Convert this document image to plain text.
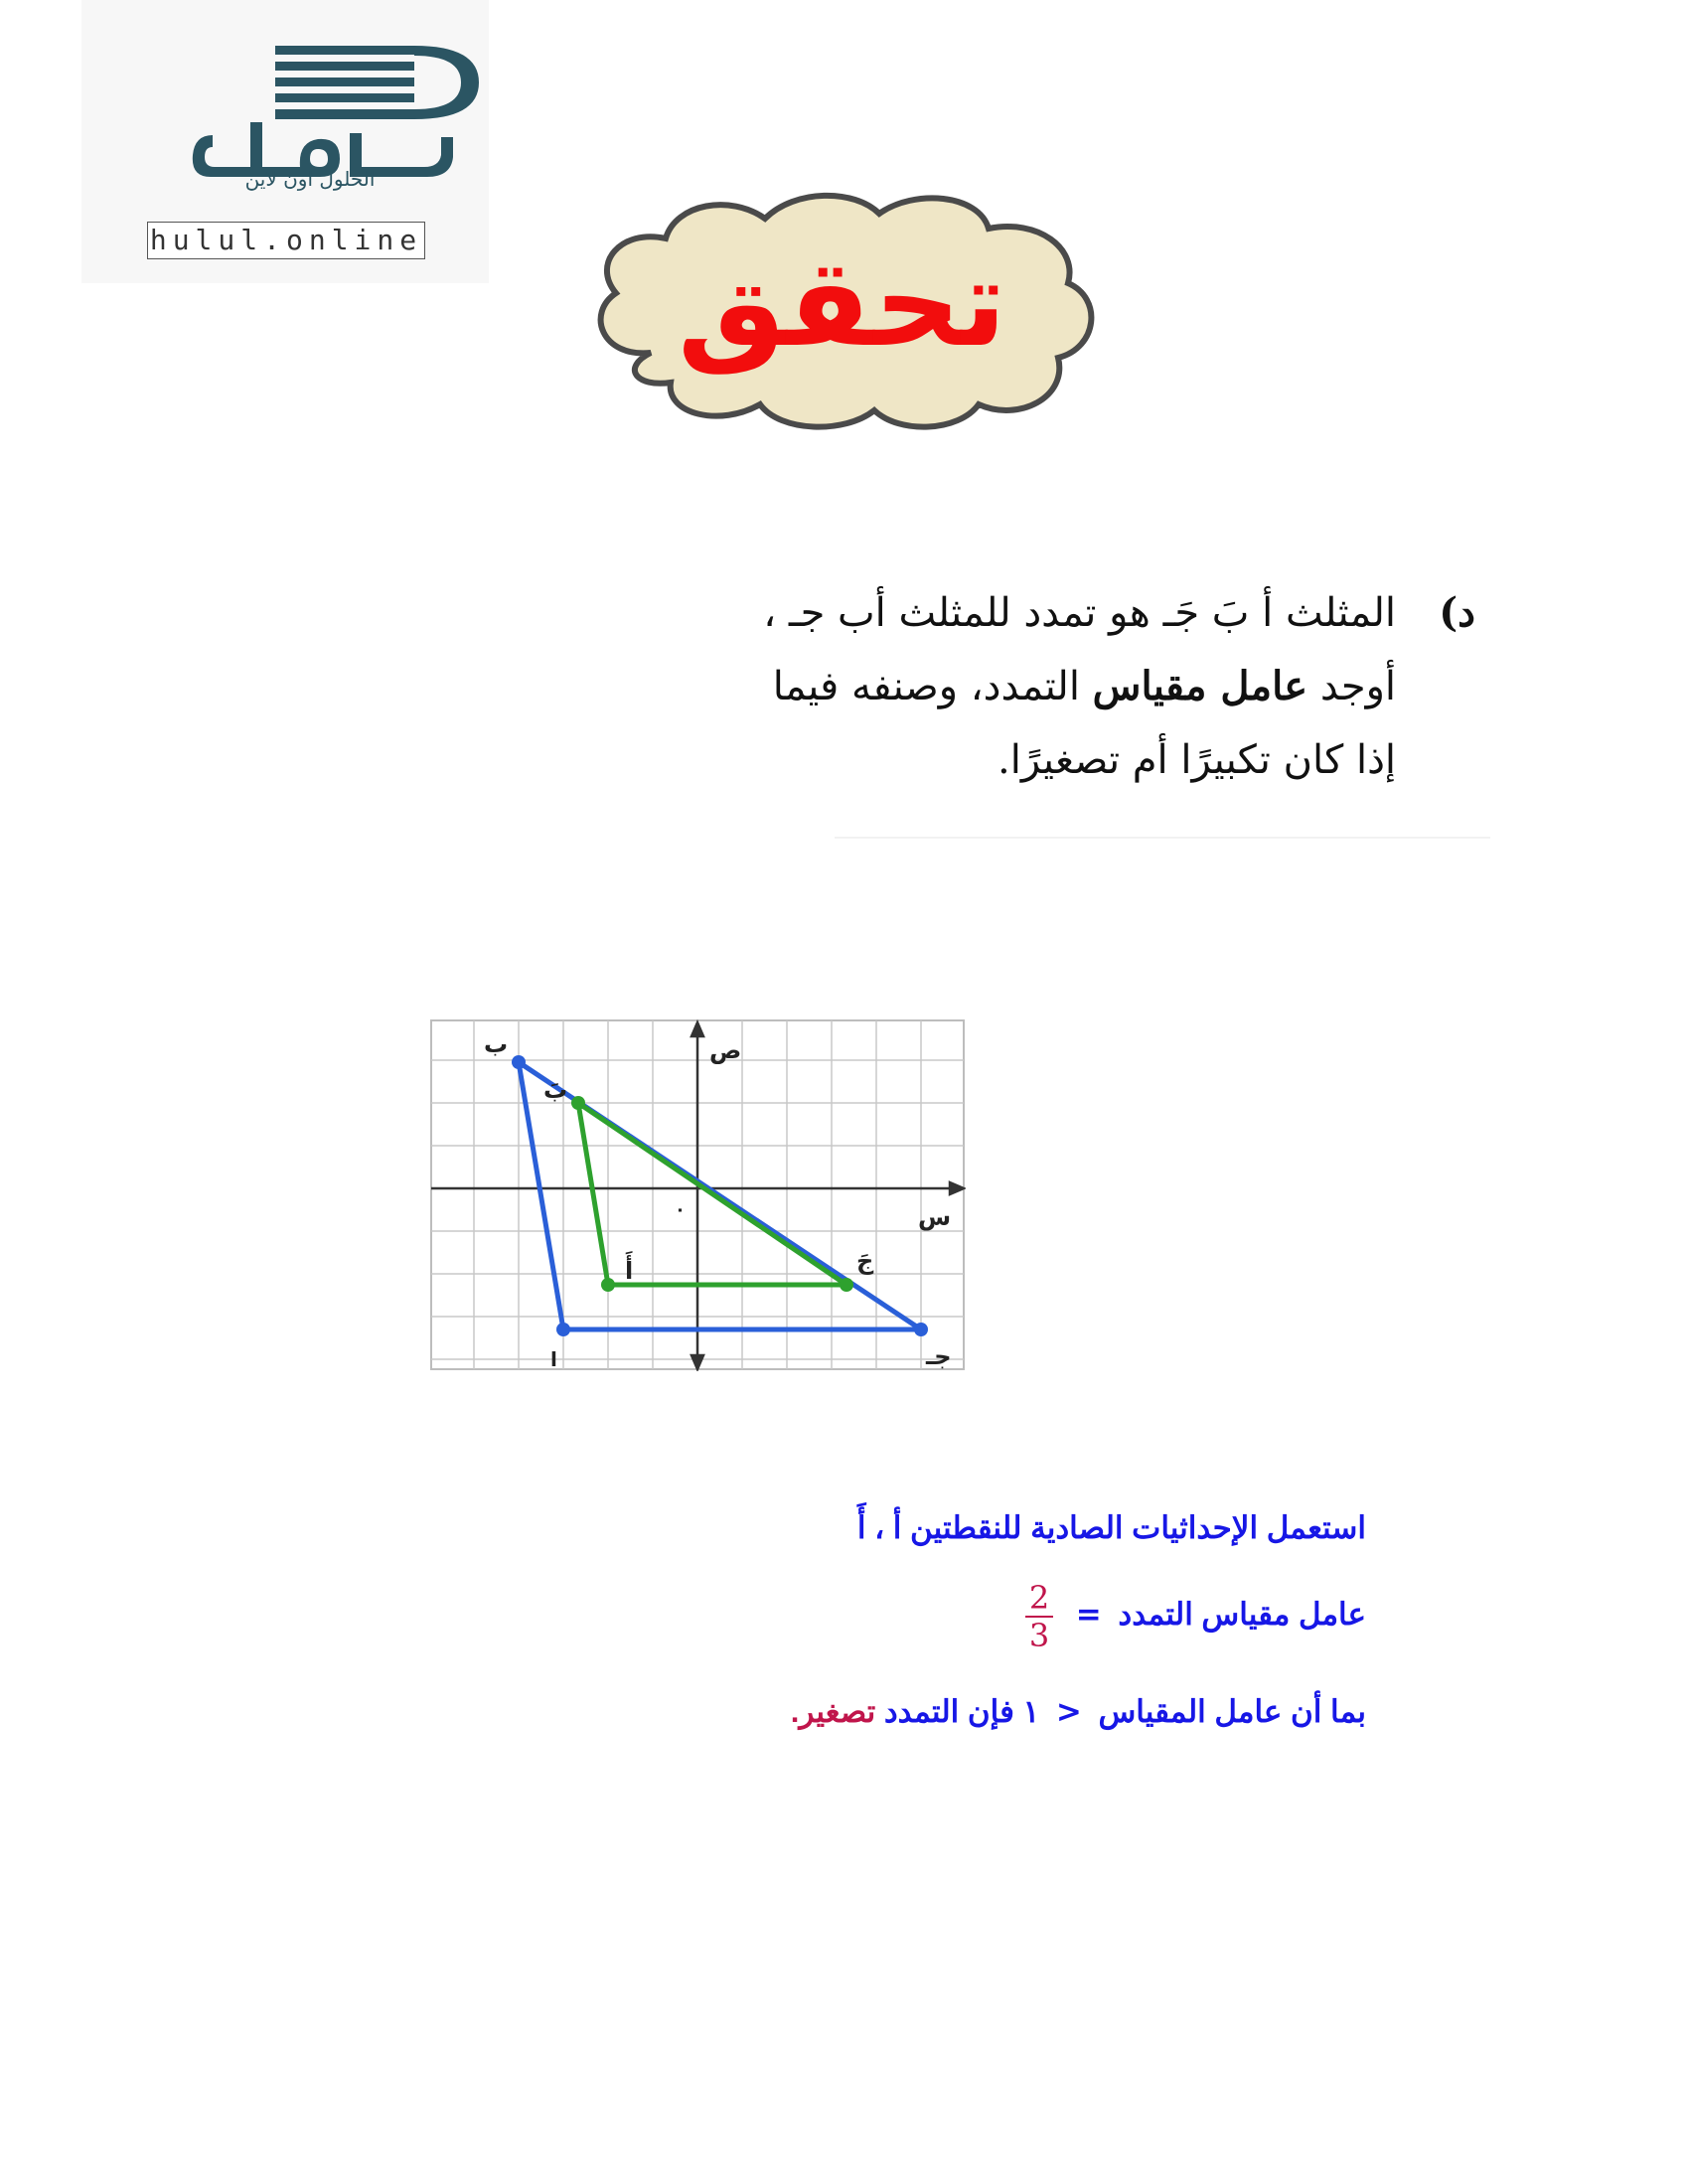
الحلول اون لاين
hulul.online	تحقق
د)المثلث أ بَ جَـ هو تمدد للمثلث أب جـ ،
أوجد عامل مقياس التمدد، وصنفه فيما
إذا كان تكبيرًا أم تصغيرًا.
ب
ا	جـ
بَ
أَ	جَ
ص
س
٠
استعمل الإحداثيات الصادية للنقطتين أ ، أَ
عامل مقياس التمدد =
$\frac{2}{3}$
بما أن عامل المقياس < ١ فإن التمدد تصغير.
